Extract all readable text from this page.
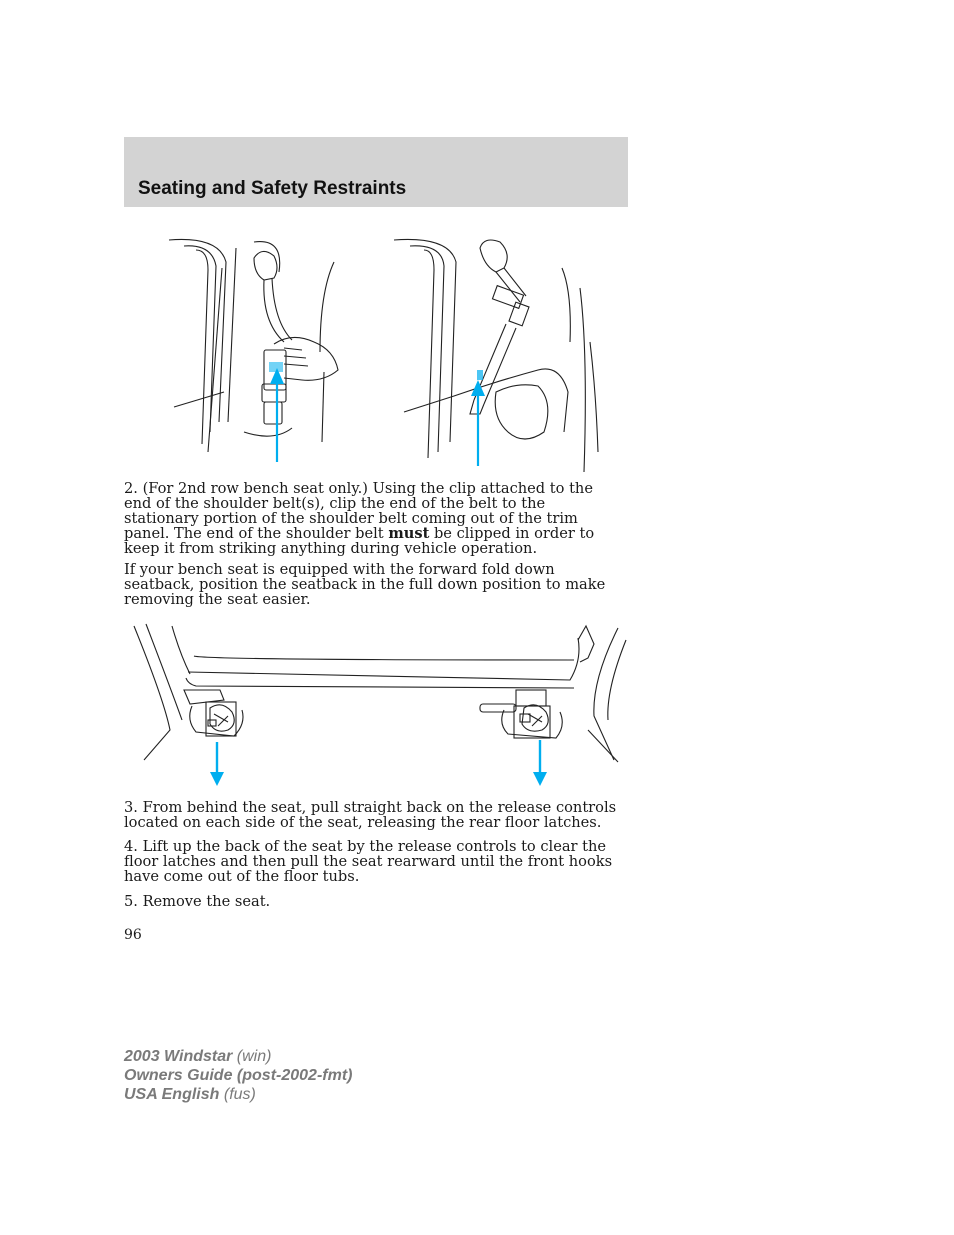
Seating and Safety Restraints

2. (For 2nd row bench seat only.) Using the clip attached to the end of the shoulder belt(s), clip the end of the belt to the stationary portion of the shoulder belt coming out of the trim panel. The end of the shoulder belt must be clipped in order to keep it from striking anything during vehicle operation.

If your bench seat is equipped with the forward fold down seatback, position the seatback in the full down position to make removing the seat easier.

3. From behind the seat, pull straight back on the release controls located on each side of the seat, releasing the rear floor latches.

4. Lift up the back of the seat by the release controls to clear the floor latches and then pull the seat rearward until the front hooks have come out of the floor tubs.

5. Remove the seat.

96
2003 Windstar (win)
Owners Guide (post-2002-fmt)
USA English (fus)
